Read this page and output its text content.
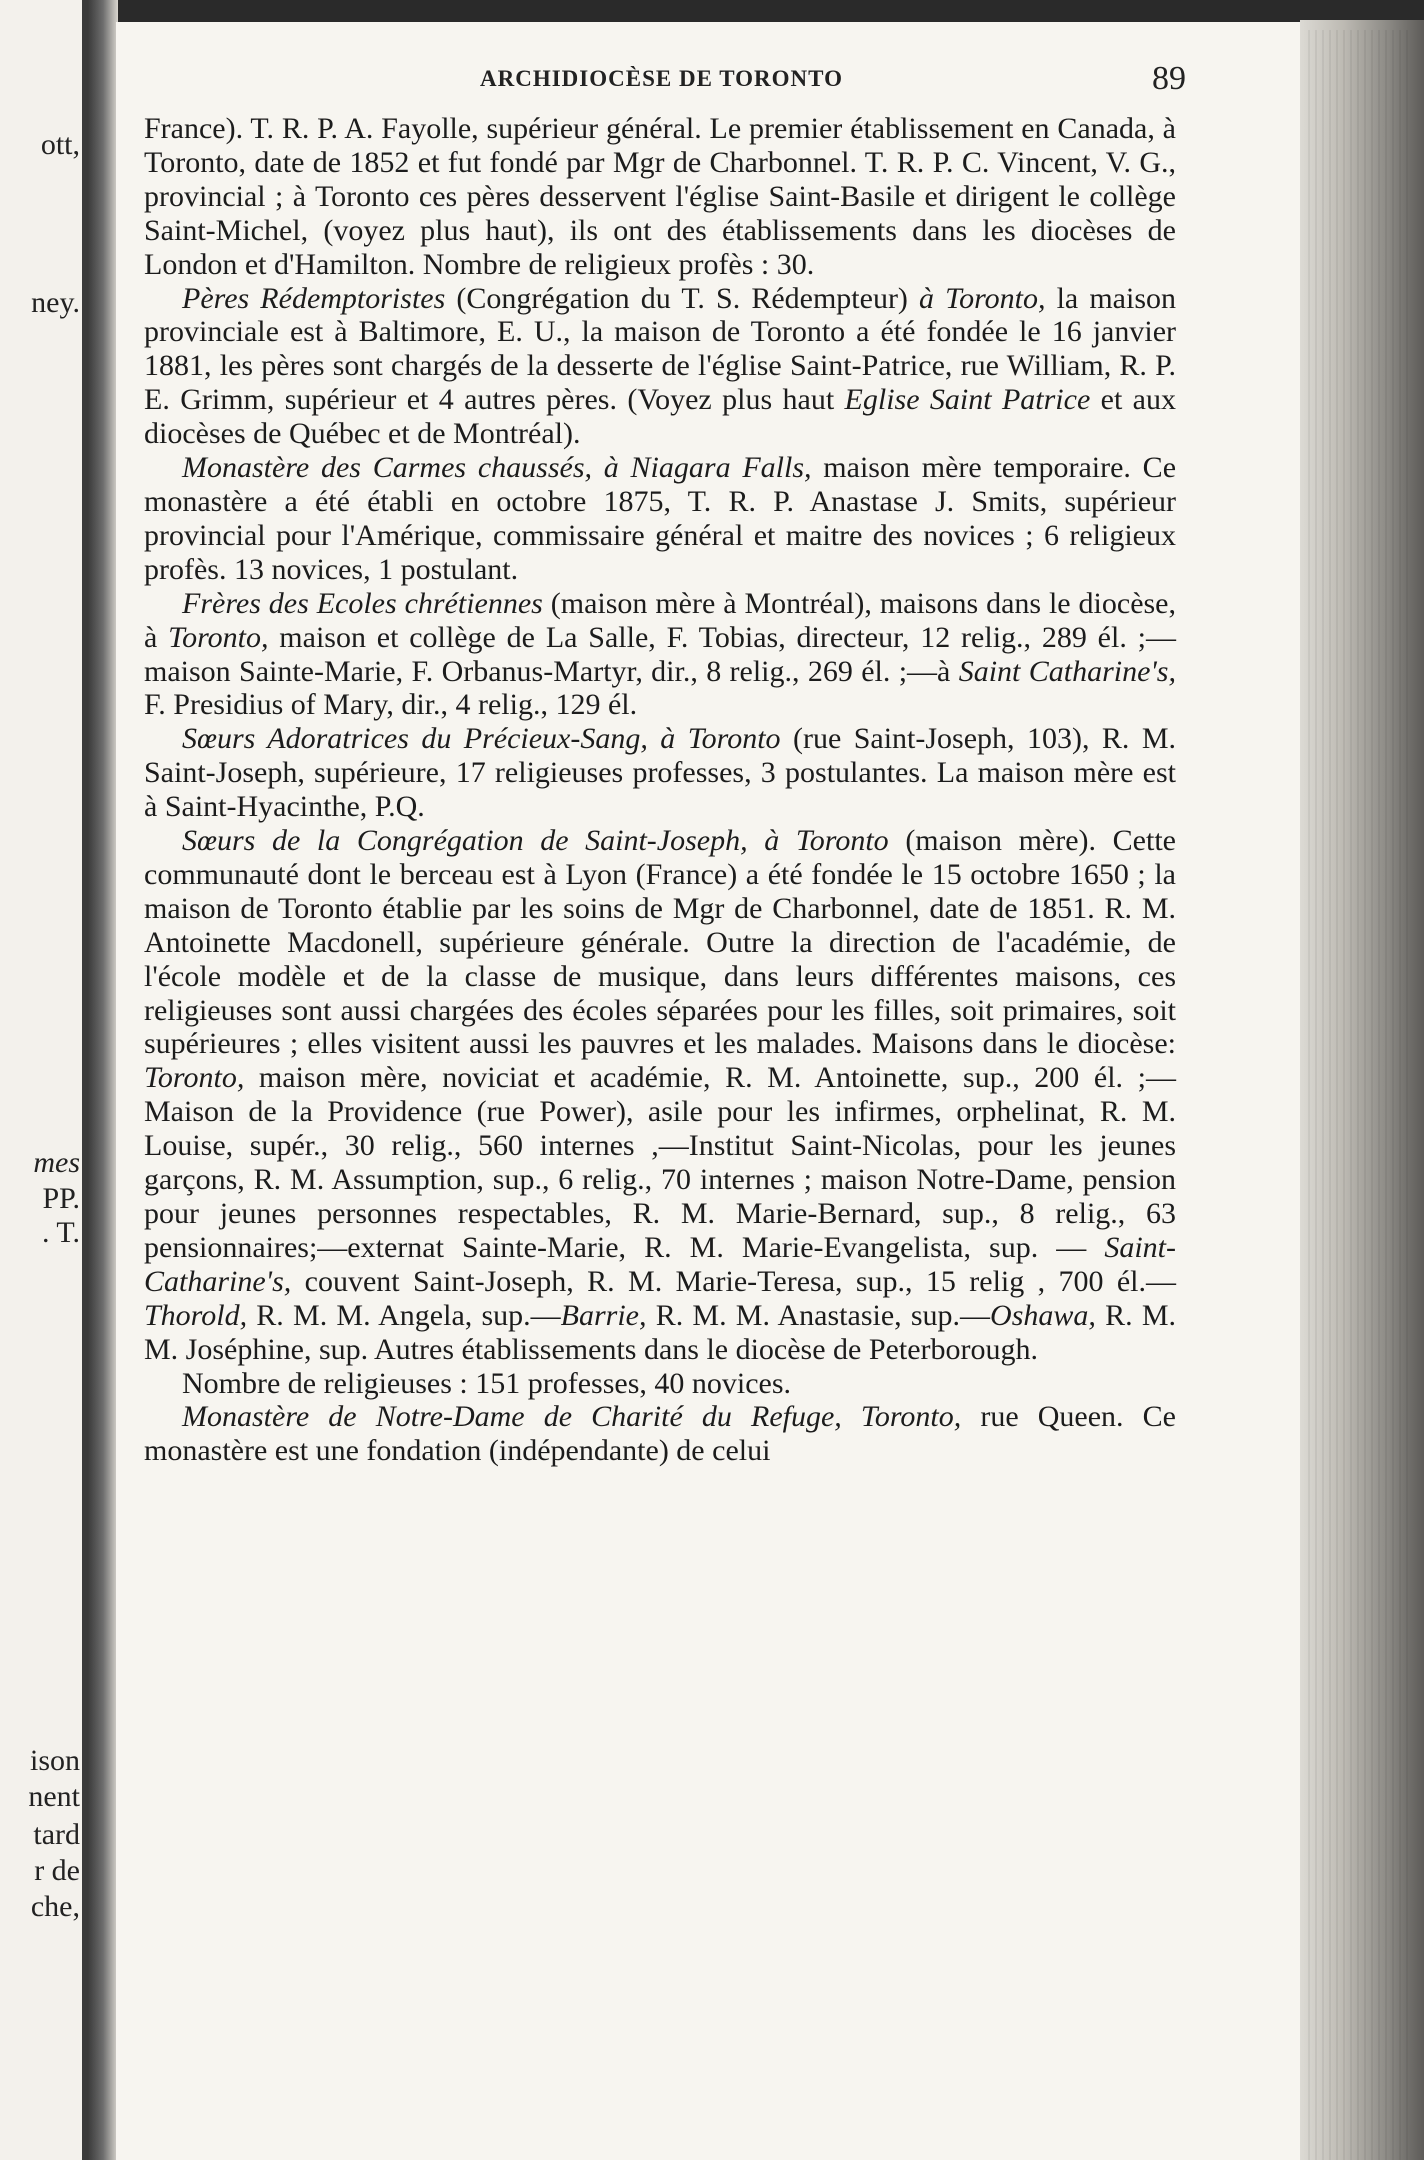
ott,
ney.
mes
PP.
. T.
ison
nent
tard
r de
che,
ARCHIDIOCÈSE DE TORONTO	89

France). T. R. P. A. Fayolle, supérieur général. Le premier établissement en Canada, à Toronto, date de 1852 et fut fondé par Mgr de Charbonnel. T. R. P. C. Vincent, V. G., provincial ; à Toronto ces pères desservent l'église Saint-Basile et dirigent le collège Saint-Michel, (voyez plus haut), ils ont des établissements dans les diocèses de London et d'Hamilton. Nombre de religieux profès : 30.

Pères Rédemptoristes (Congrégation du T. S. Rédempteur) à Toronto, la maison provinciale est à Baltimore, E. U., la maison de Toronto a été fondée le 16 janvier 1881, les pères sont chargés de la desserte de l'église Saint-Patrice, rue William, R. P. E. Grimm, supérieur et 4 autres pères. (Voyez plus haut Eglise Saint Patrice et aux diocèses de Québec et de Montréal).

Monastère des Carmes chaussés, à Niagara Falls, maison mère temporaire. Ce monastère a été établi en octobre 1875, T. R. P. Anastase J. Smits, supérieur provincial pour l'Amérique, commissaire général et maitre des novices ; 6 religieux profès. 13 novices, 1 postulant.

Frères des Ecoles chrétiennes (maison mère à Montréal), maisons dans le diocèse, à Toronto, maison et collège de La Salle, F. Tobias, directeur, 12 relig., 289 él. ;—maison Sainte-Marie, F. Orbanus-Martyr, dir., 8 relig., 269 él. ;—à Saint Catharine's, F. Presidius of Mary, dir., 4 relig., 129 él.

Sœurs Adoratrices du Précieux-Sang, à Toronto (rue Saint-Joseph, 103), R. M. Saint-Joseph, supérieure, 17 religieuses professes, 3 postulantes. La maison mère est à Saint-Hyacinthe, P.Q.

Sœurs de la Congrégation de Saint-Joseph, à Toronto (maison mère). Cette communauté dont le berceau est à Lyon (France) a été fondée le 15 octobre 1650 ; la maison de Toronto établie par les soins de Mgr de Charbonnel, date de 1851. R. M. Antoinette Macdonell, supérieure générale. Outre la direction de l'académie, de l'école modèle et de la classe de musique, dans leurs différentes maisons, ces religieuses sont aussi chargées des écoles séparées pour les filles, soit primaires, soit supérieures ; elles visitent aussi les pauvres et les malades. Maisons dans le diocèse: Toronto, maison mère, noviciat et académie, R. M. Antoinette, sup., 200 él. ;—Maison de la Providence (rue Power), asile pour les infirmes, orphelinat, R. M. Louise, supér., 30 relig., 560 internes ,—Institut Saint-Nicolas, pour les jeunes garçons, R. M. Assumption, sup., 6 relig., 70 internes ; maison Notre-Dame, pension pour jeunes personnes respectables, R. M. Marie-Bernard, sup., 8 relig., 63 pensionnaires;—externat Sainte-Marie, R. M. Marie-Evangelista, sup. — Saint-Catharine's, couvent Saint-Joseph, R. M. Marie-Teresa, sup., 15 relig , 700 él.—Thorold, R. M. M. Angela, sup.—Barrie, R. M. M. Anastasie, sup.—Oshawa, R. M. M. Joséphine, sup. Autres établissements dans le diocèse de Peterborough.

Nombre de religieuses : 151 professes, 40 novices.

Monastère de Notre-Dame de Charité du Refuge, Toronto, rue Queen. Ce monastère est une fondation (indépendante) de celui
